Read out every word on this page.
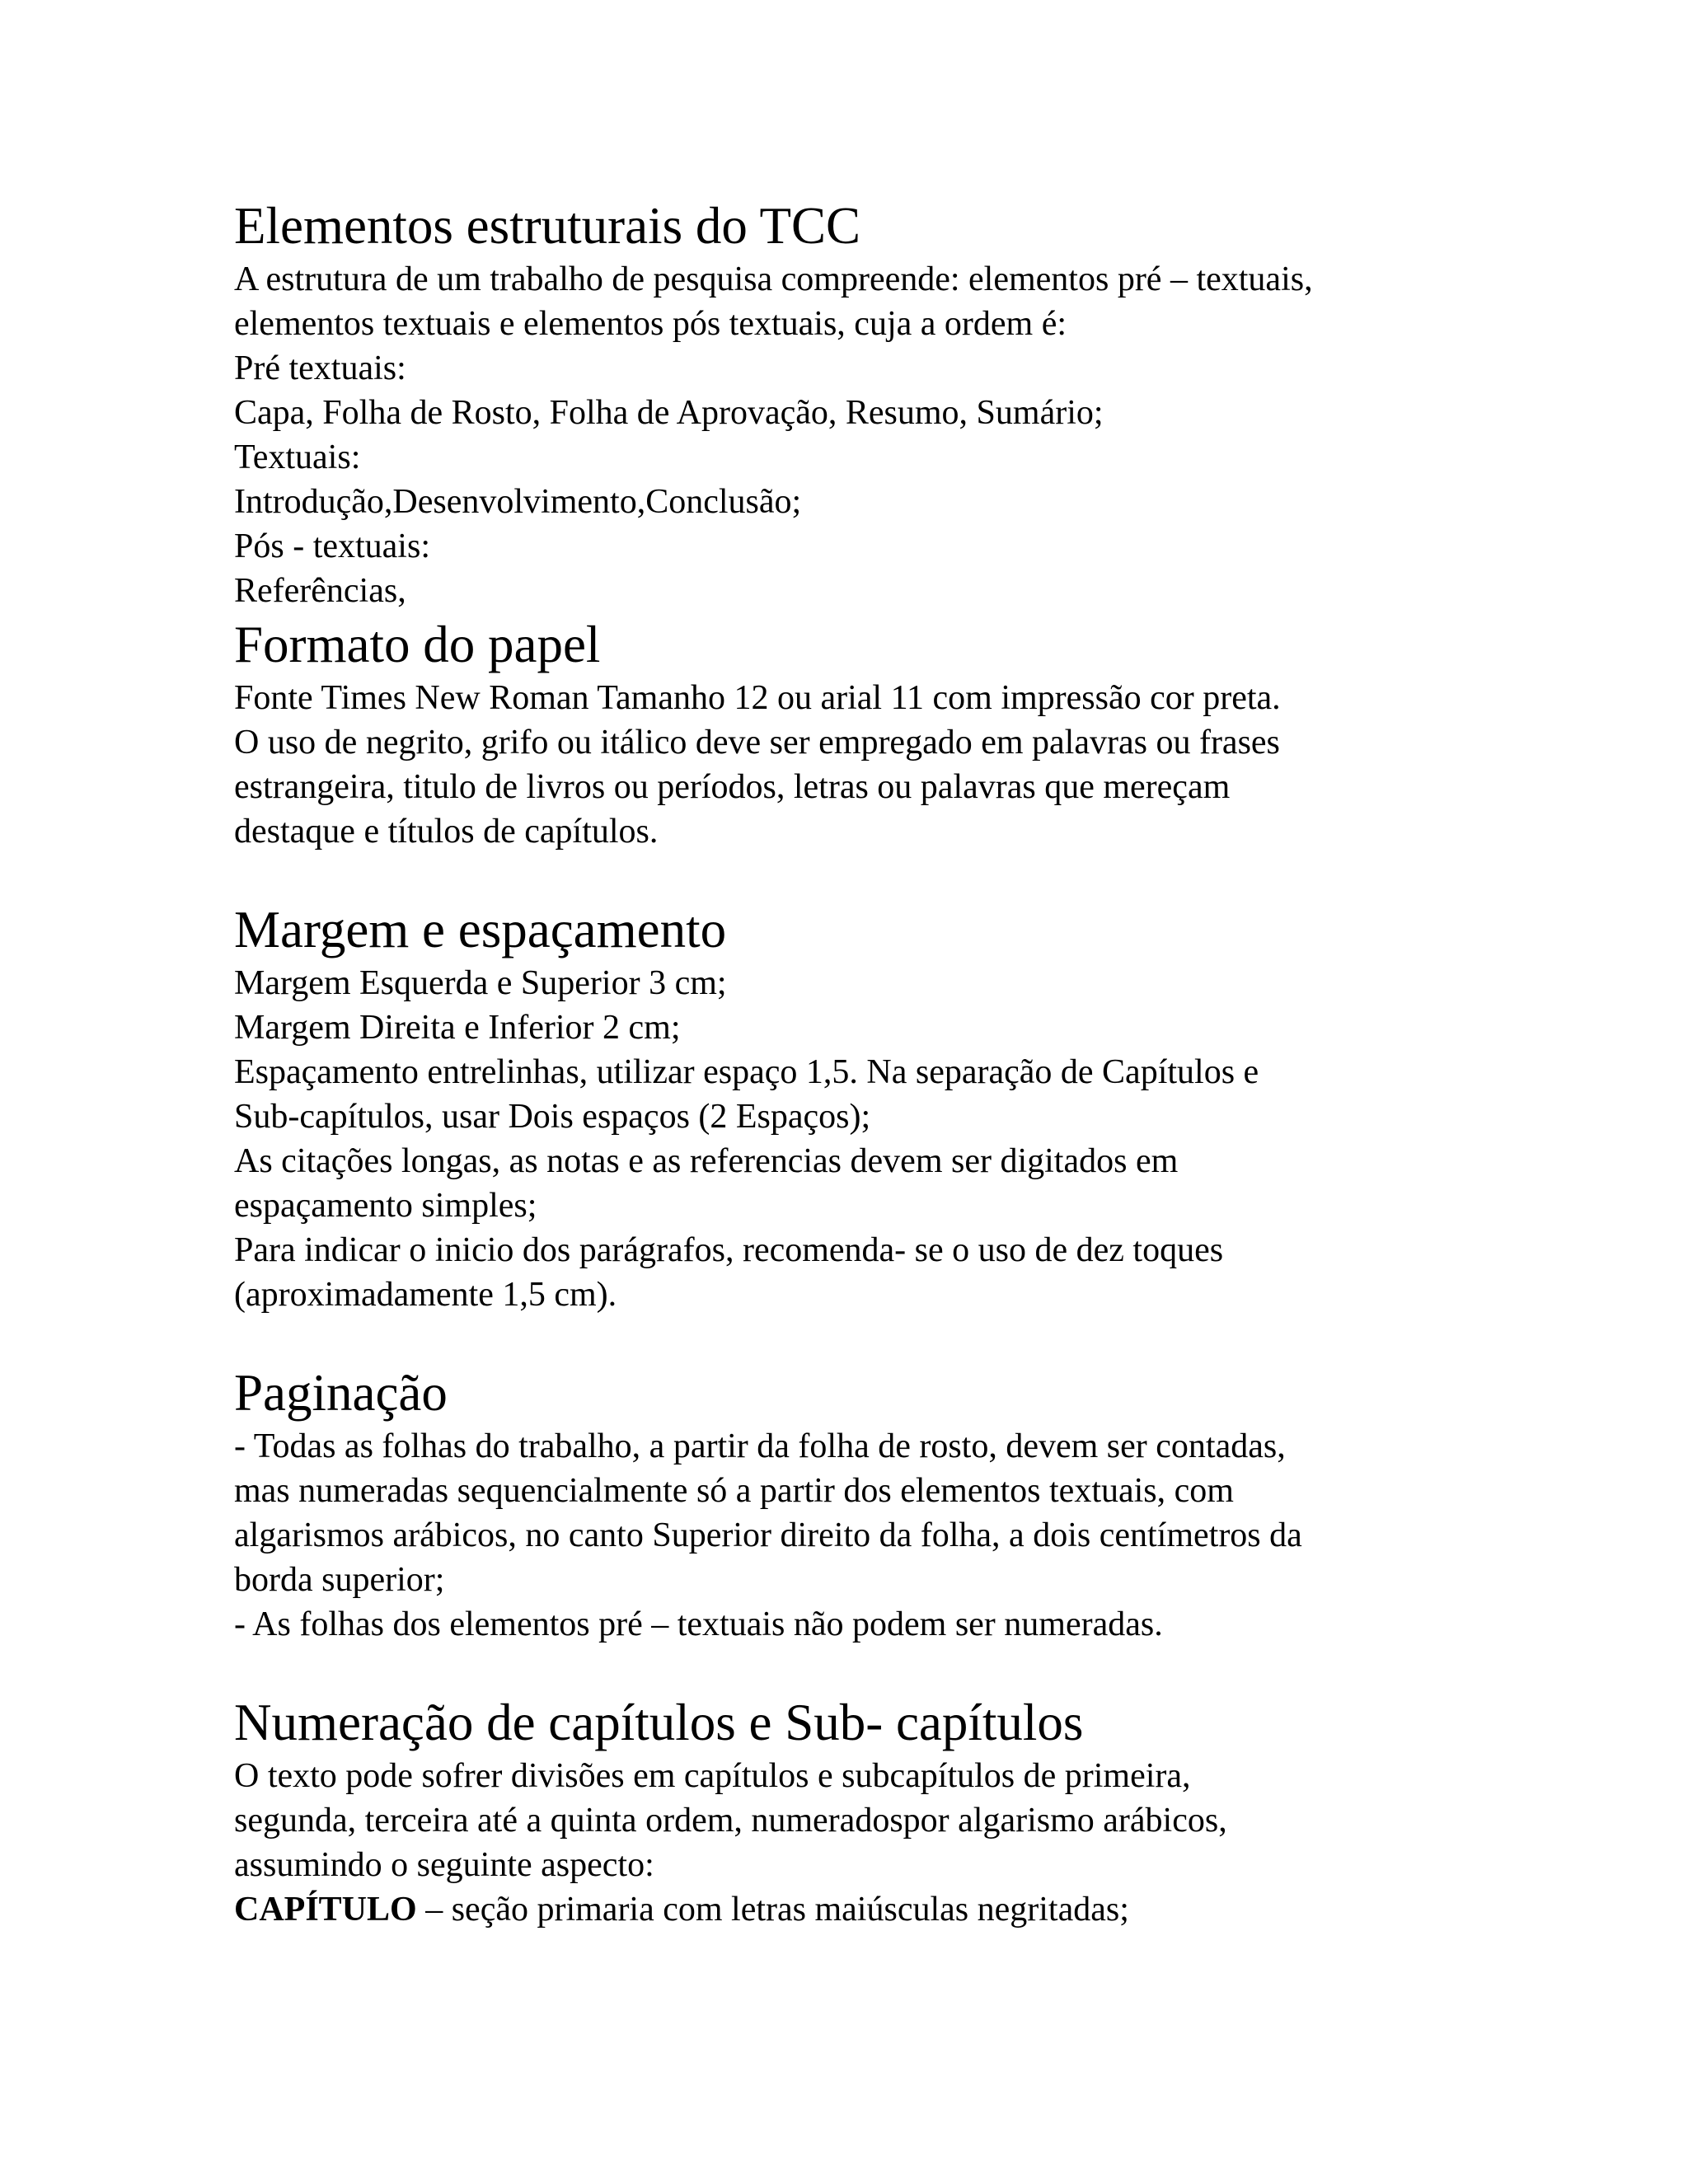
Elementos estruturais do TCC

A estrutura de um trabalho de pesquisa compreende: elementos pré – textuais,

elementos textuais e elementos pós textuais, cuja a ordem é:

Pré textuais:

Capa, Folha de Rosto, Folha de Aprovação, Resumo, Sumário;

Textuais:

Introdução,Desenvolvimento,Conclusão;

Pós - textuais:

Referências,

Formato do papel

Fonte Times New Roman Tamanho 12 ou arial 11 com impressão cor preta.

O uso de negrito, grifo ou itálico deve ser empregado em palavras ou frases

estrangeira, titulo de livros ou períodos, letras ou palavras que mereçam

destaque e títulos de capítulos.

Margem e espaçamento

Margem Esquerda e Superior 3 cm;

Margem Direita e Inferior 2 cm;

Espaçamento entrelinhas, utilizar espaço 1,5. Na separação de Capítulos e

Sub-capítulos, usar Dois espaços (2 Espaços);

As citações longas, as notas e as referencias devem ser digitados em

espaçamento simples;

Para indicar o inicio dos parágrafos, recomenda- se o uso de dez toques

(aproximadamente 1,5 cm).

Paginação

- Todas as folhas do trabalho, a partir da folha de rosto, devem ser contadas,

mas numeradas sequencialmente só a partir dos elementos textuais, com

algarismos arábicos, no canto Superior direito da folha, a dois centímetros da

borda superior;

- As folhas dos elementos pré – textuais não podem ser numeradas.

Numeração de capítulos e Sub- capítulos

O texto pode sofrer divisões em capítulos e subcapítulos de primeira,

segunda, terceira até a quinta ordem, numeradospor algarismo arábicos,

assumindo o seguinte aspecto:

CAPÍTULO – seção primaria com letras maiúsculas negritadas;
